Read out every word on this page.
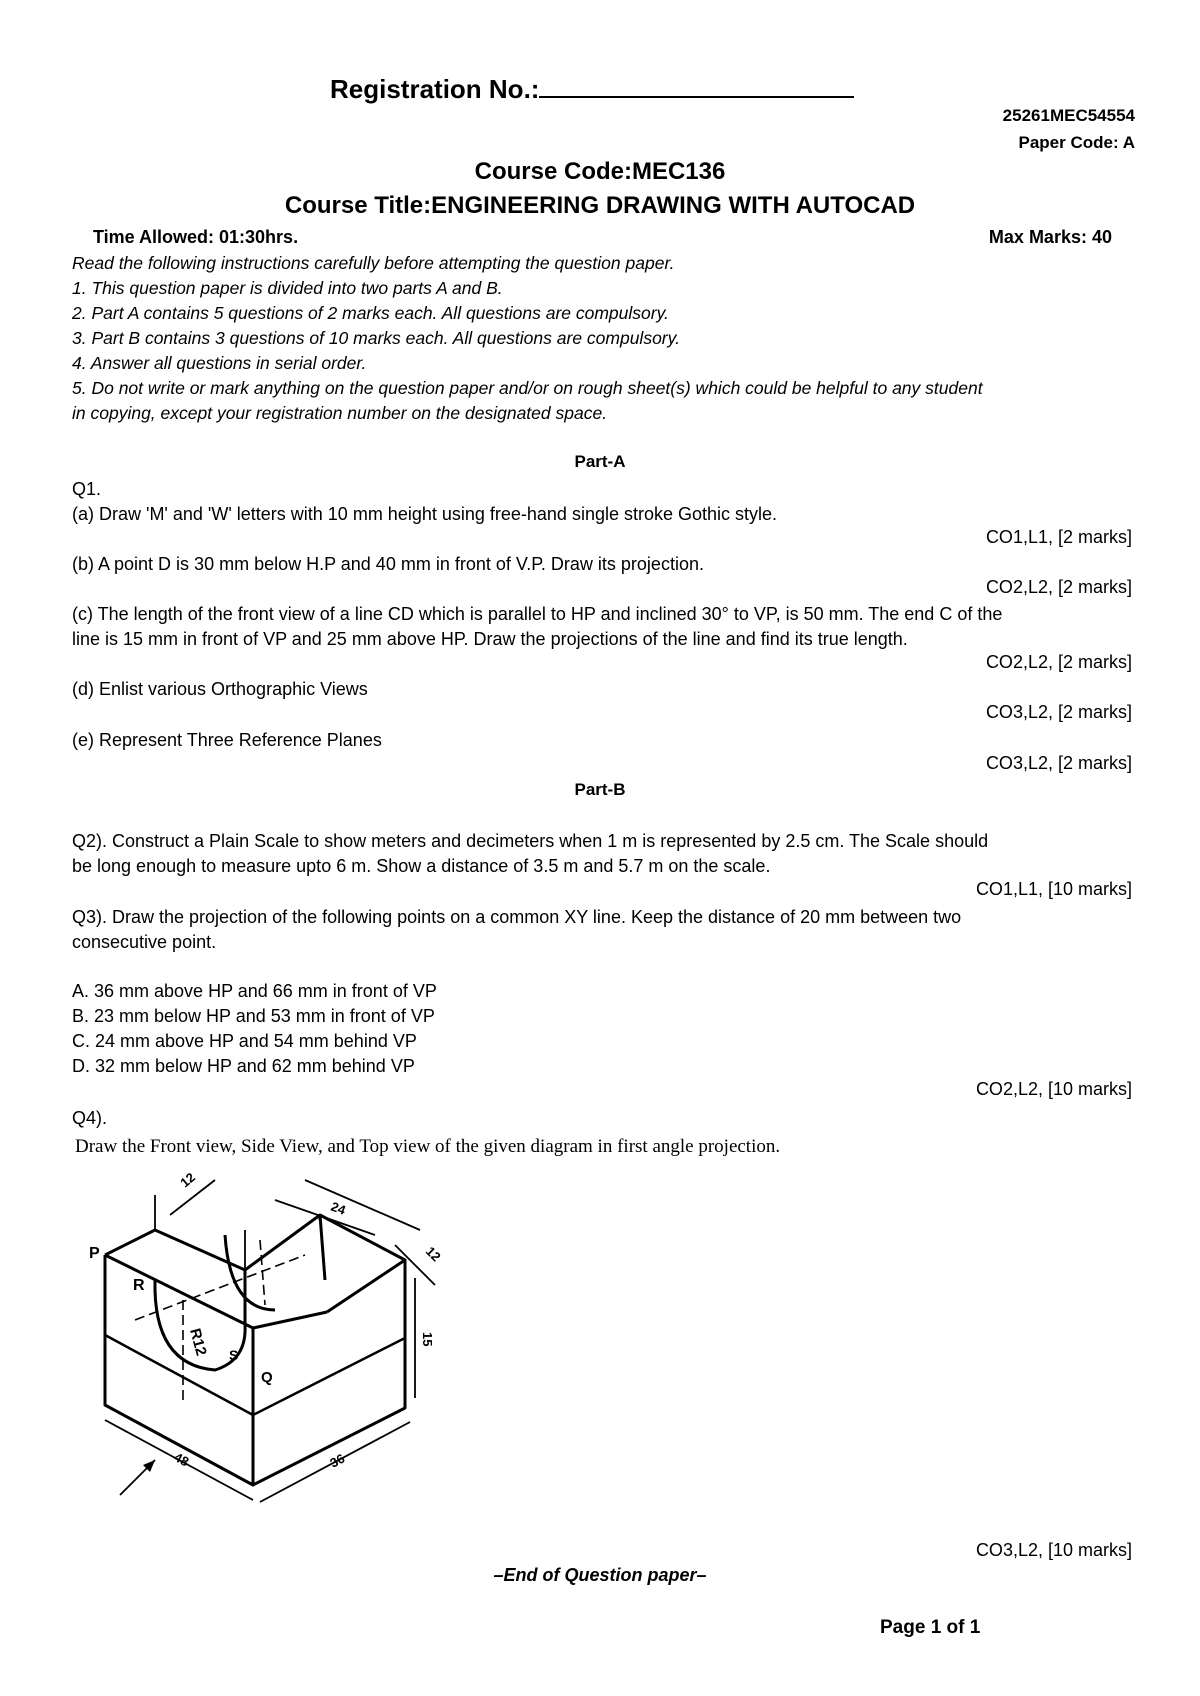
Registration No.:
25261MEC54554
Paper Code: A
Course Code:MEC136
Course Title:ENGINEERING DRAWING WITH AUTOCAD
Time Allowed: 01:30hrs.	Max Marks: 40
Read the following instructions carefully before attempting the question paper.
1. This question paper is divided into two parts A and B.
2. Part A contains 5 questions of 2 marks each. All questions are compulsory.
3. Part B contains 3 questions of 10 marks each. All questions are compulsory.
4. Answer all questions in serial order.
5. Do not write or mark anything on the question paper and/or on rough sheet(s) which could be helpful to any student
in copying, except your registration number on the designated space.
Part-A
Q1.
(a) Draw 'M' and 'W' letters with 10 mm height using free-hand single stroke Gothic style.
CO1,L1, [2 marks]
(b) A point D is 30 mm below H.P and 40 mm in front of V.P. Draw its projection.
CO2,L2, [2 marks]
(c) The length of the front view of a line CD which is parallel to HP and inclined 30° to VP, is 50 mm. The end C of the
line is 15 mm in front of VP and 25 mm above HP. Draw the projections of the line and find its true length.
CO2,L2, [2 marks]
(d) Enlist various Orthographic Views
CO3,L2, [2 marks]
(e) Represent Three Reference Planes
CO3,L2, [2 marks]
Part-B
Q2). Construct a Plain Scale to show meters and decimeters when 1 m is represented by 2.5 cm. The Scale should
be long enough to measure upto 6 m. Show a distance of 3.5 m and 5.7 m on the scale.
CO1,L1, [10 marks]
Q3). Draw the projection of the following points on a common XY line. Keep the distance of 20 mm between two
consecutive point.
A. 36 mm above HP and 66 mm in front of VP
B. 23 mm below HP and 53 mm in front of VP
C. 24 mm above HP and 54 mm behind VP
D. 32 mm below HP and 62 mm behind VP
CO2,L2, [10 marks]
Q4).
Draw the Front view, Side View, and Top view of the given diagram in first angle projection.
P
R
S
Q
R12
12
24
12
15
48	36
CO3,L2, [10 marks]
–End of Question paper–
Page 1 of 1
